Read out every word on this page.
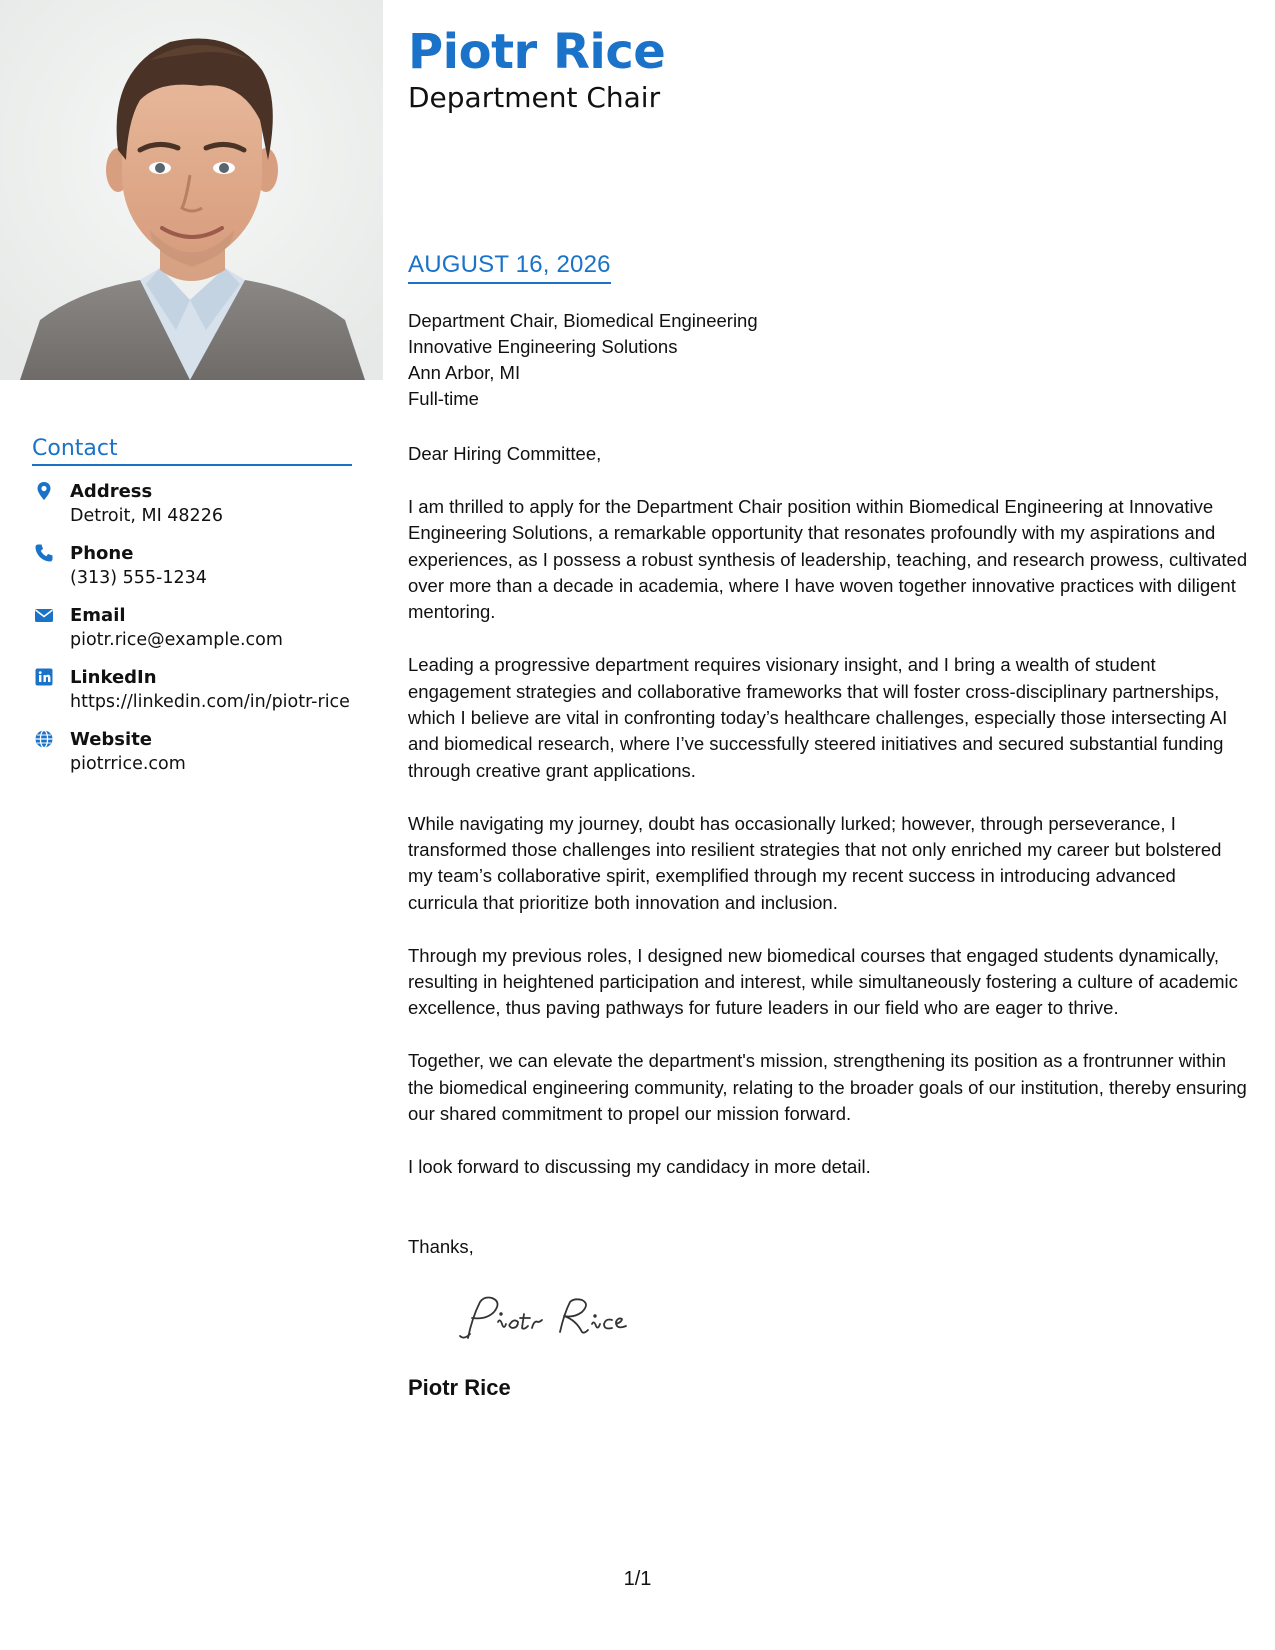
Contact
Address
Detroit, MI 48226
Phone
(313) 555-1234
Email
piotr.rice@example.com
LinkedIn
https://linkedin.com/in/piotr-rice
Website
piotrrice.com
Piotr Rice
Department Chair
AUGUST 16, 2026
Department Chair, Biomedical Engineering
Innovative Engineering Solutions
Ann Arbor, MI
Full-time

Dear Hiring Committee,

I am thrilled to apply for the Department Chair position within Biomedical Engineering at Innovative Engineering Solutions, a remarkable opportunity that resonates profoundly with my aspirations and experiences, as I possess a robust synthesis of leadership, teaching, and research prowess, cultivated over more than a decade in academia, where I have woven together innovative practices with diligent mentoring.

Leading a progressive department requires visionary insight, and I bring a wealth of student engagement strategies and collaborative frameworks that will foster cross-disciplinary partnerships, which I believe are vital in confronting today’s healthcare challenges, especially those intersecting AI and biomedical research, where I’ve successfully steered initiatives and secured substantial funding through creative grant applications.

While navigating my journey, doubt has occasionally lurked; however, through perseverance, I transformed those challenges into resilient strategies that not only enriched my career but bolstered my team’s collaborative spirit, exemplified through my recent success in introducing advanced curricula that prioritize both innovation and inclusion.

Through my previous roles, I designed new biomedical courses that engaged students dynamically, resulting in heightened participation and interest, while simultaneously fostering a culture of academic excellence, thus paving pathways for future leaders in our field who are eager to thrive.

Together, we can elevate the department's mission, strengthening its position as a frontrunner within the biomedical engineering community, relating to the broader goals of our institution, thereby ensuring our shared commitment to propel our mission forward.

I look forward to discussing my candidacy in more detail.

Thanks,
Piotr Rice
1/1
